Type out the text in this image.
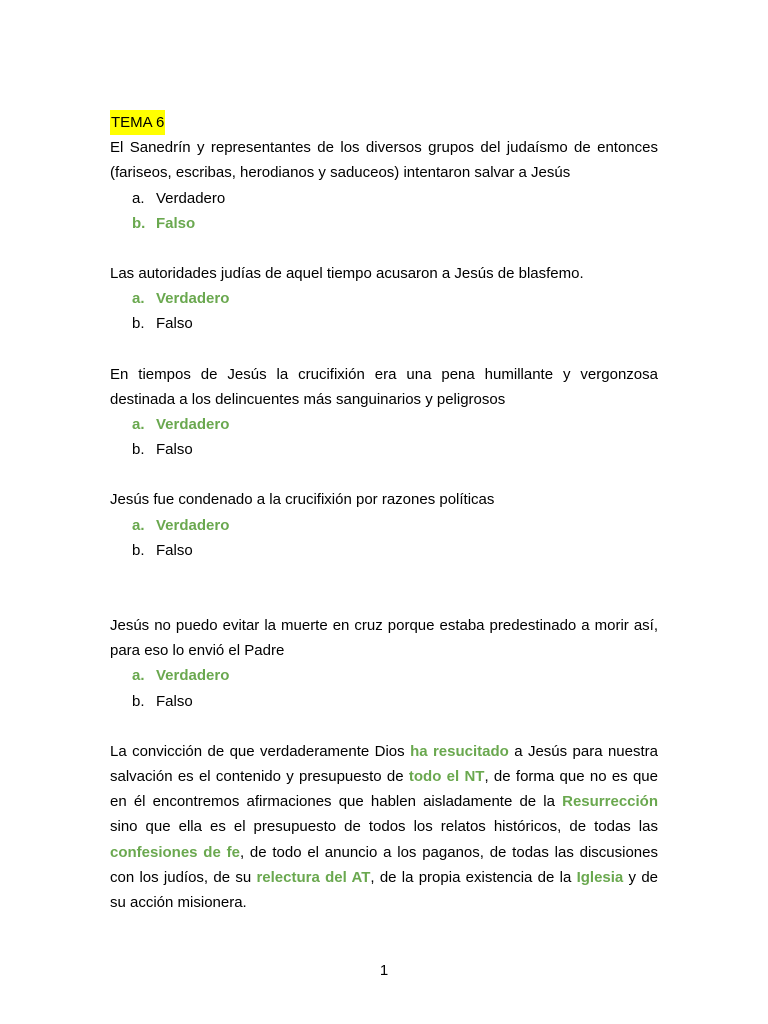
TEMA 6
El Sanedrín y representantes de los diversos grupos del judaísmo de entonces (fariseos, escribas, herodianos y saduceos) intentaron salvar a Jesús
a. Verdadero
b. Falso
Las autoridades judías de aquel tiempo acusaron a Jesús de blasfemo.
a. Verdadero
b. Falso
En tiempos de Jesús la crucifixión era una pena humillante y vergonzosa destinada a los delincuentes más sanguinarios y peligrosos
a. Verdadero
b. Falso
Jesús fue condenado a la crucifixión por razones políticas
a. Verdadero
b. Falso
Jesús no puedo evitar la muerte en cruz porque estaba predestinado a morir así, para eso lo envió el Padre
a. Verdadero
b. Falso
La convicción de que verdaderamente Dios ha resucitado a Jesús para nuestra salvación es el contenido y presupuesto de todo el NT, de forma que no es que en él encontremos afirmaciones que hablen aisladamente de la Resurrección sino que ella es el presupuesto de todos los relatos históricos, de todas las confesiones de fe, de todo el anuncio a los paganos, de todas las discusiones con los judíos, de su relectura del AT, de la propia existencia de la Iglesia y de su acción misionera.
1
